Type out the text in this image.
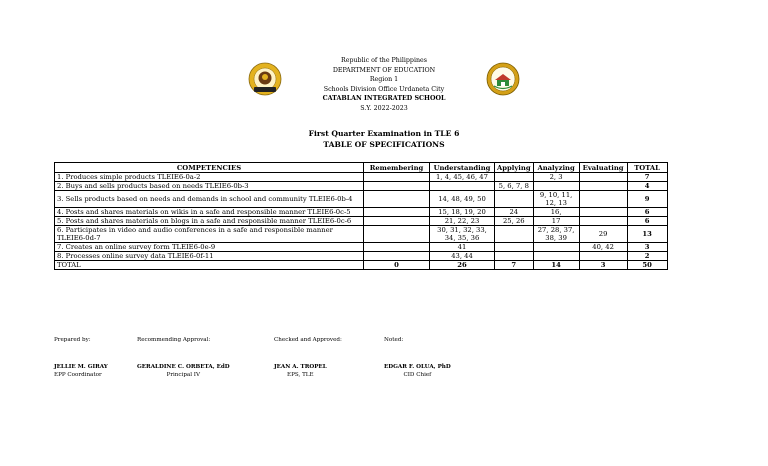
Republic of the Philippines
DEPARTMENT OF EDUCATION
Region 1
Schools Division Office Urdaneta City
CATABLAN INTEGRATED SCHOOL
S.Y. 2022-2023
First Quarter Examination in TLE 6
TABLE OF SPECIFICATIONS
COMPETENCIES	Remembering	Understanding	Applying	Analyzing	Evaluating	TOTAL
1. Produces simple products TLEIE6-0a-2		1, 4, 45, 46, 47		2, 3		7
2. Buys and sells products based on needs TLEIE6-0b-3			5, 6, 7, 8			4
3. Sells products based on needs and demands in school and community TLEIE6-0b-4		14, 48, 49, 50		9, 10, 11, 12, 13		9
4. Posts and shares materials on wikis in a safe and responsible manner TLEIE6-0c-5		15, 18, 19, 20	24	16,		6
5. Posts and shares materials on blogs in a safe and responsible manner TLEIE6-0c-6		21, 22, 23	25, 26	17		6
6. Participates in video and audio conferences in a safe and responsible manner TLEIE6-0d-7		30, 31, 32, 33, 34, 35, 36		27, 28, 37, 38, 39	29	13
7. Creates an online survey form TLEIE6-0e-9		41			40, 42	3
8. Processes online survey data TLEIE6-0f-11		43, 44				2
TOTAL	0	26	7	14	3	50
Prepared by:	Recommending Approval:	Checked and Approved:	Noted:
JELLIE M. GIRAY
EPP Coordinator
GERALDINE C. ORBETA, EdD
Principal IV
JEAN A. TROPEL
EPS, TLE
EDGAR F. OLUA, PhD
CID Chief
